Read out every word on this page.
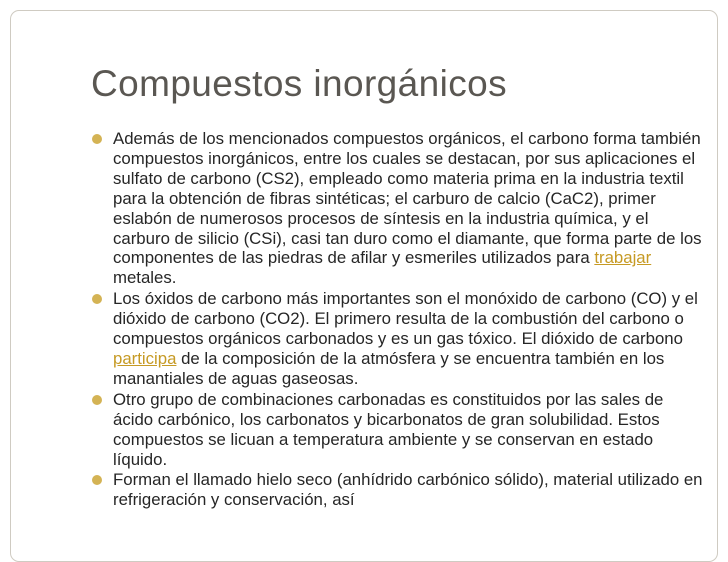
Compuestos inorgánicos
Además de los mencionados compuestos orgánicos, el carbono forma también compuestos inorgánicos, entre los cuales se destacan, por sus aplicaciones el sulfato de carbono (CS2), empleado como materia prima en la industria textil para la obtención de fibras sintéticas; el carburo de calcio (CaC2), primer eslabón de numerosos procesos de síntesis en la industria química, y el carburo de silicio (CSi), casi tan duro como el diamante, que forma parte de los componentes de las piedras de afilar y esmeriles utilizados para trabajar metales.
Los óxidos de carbono más importantes son el monóxido de carbono (CO) y el dióxido de carbono (CO2). El primero resulta de la combustión del carbono o compuestos orgánicos carbonados y es un gas tóxico. El dióxido de carbono participa de la composición de la atmósfera y se encuentra también en los manantiales de aguas gaseosas.
Otro grupo de combinaciones carbonadas es constituidos por las sales de ácido carbónico, los carbonatos y bicarbonatos de gran solubilidad. Estos compuestos se licuan a temperatura ambiente y se conservan en estado líquido.
Forman el llamado hielo seco (anhídrido carbónico sólido), material utilizado en refrigeración y conservación, así
